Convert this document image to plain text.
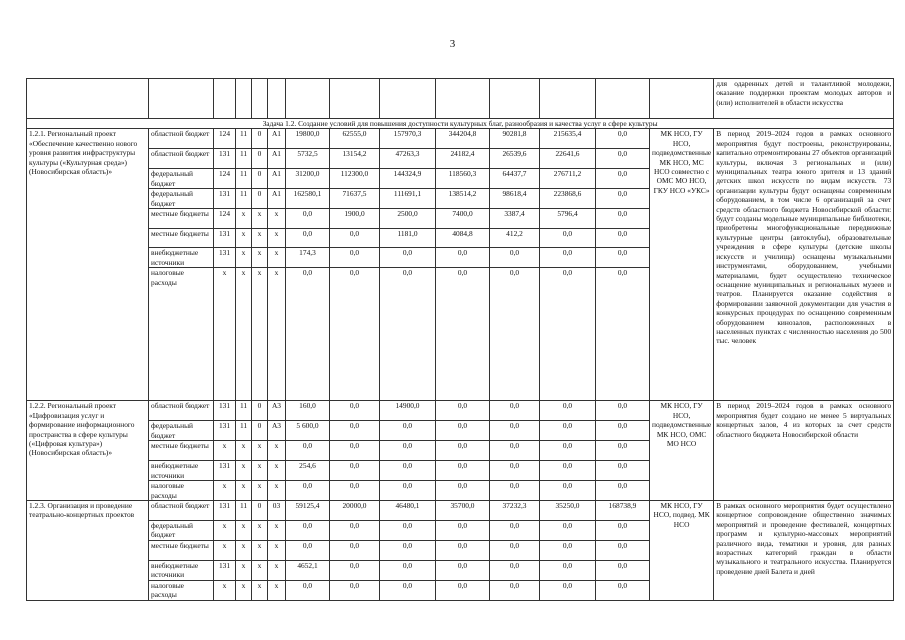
3
														для одаренных детей и талантливой молодежи, оказание поддержки проектам молодых авторов и (или) исполнителей в области искусства
Задача 1.2. Создание условий для повышения доступности культурных благ, разнообразия и качества услуг в сфере культуры														
1.2.1. Региональный проект «Обеспечение качественно нового уровня развития инфраструктуры культуры («Культурная среда») (Новосибирская область)»	областной бюджет	124	11	0	A1	19800,0	62555,0	157970,3	344204,8	90281,8	215635,4	0,0	МК НСО, ГУ НСО, подведомственные МК НСО, МС НСО совместно с ОМС МО НСО, ГКУ НСО «УКС»	В период 2019–2024 годов в рамках основного мероприятия будут построены, реконструированы, капитально отремонтированы 27 объектов организаций культуры, включая 3 региональных и (или) муниципальных театра юного зрителя и 13 зданий детских школ искусств по видам искусств. 73 организации культуры будут оснащены современным оборудованием, в том числе 6 организаций за счет средств областного бюджета Новосибирской области: будут созданы модельные муниципальные библиотеки, приобретены многофункциональные передвижные культурные центры (автоклубы), образовательные учреждения в сфере культуры (детские школы искусств и училища) оснащены музыкальными инструментами, оборудованием, учебными материалами, будет осуществлено техническое оснащение муниципальных и региональных музеев и театров. Планируется оказание содействия в формировании заявочной документации для участия в конкурсных процедурах по оснащению современным оборудованием кинозалов, расположенных в населенных пунктах с численностью населения до 500 тыс. человек
	областной бюджет	131	11	0	A1	5732,5	13154,2	47263,3	24182,4	26539,6	22641,6	0,0		
	федеральный бюджет	124	11	0	A1	31200,0	112300,0	144324,9	118560,3	64437,7	276711,2	0,0		
	федеральный бюджет	131	11	0	A1	162580,1	71637,5	111691,1	138514,2	98618,4	223868,6	0,0		
	местные бюджеты	124	x	x	x	0,0	1900,0	2500,0	7400,0	3387,4	5796,4	0,0		
	местные бюджеты	131	x	x	x	0,0	0,0	1181,0	4084,8	412,2	0,0	0,0		
	внебюджетные источники	131	x	x	x	174,3	0,0	0,0	0,0	0,0	0,0	0,0		
	налоговые расходы	x	x	x	x	0,0	0,0	0,0	0,0	0,0	0,0	0,0		
1.2.2. Региональный проект «Цифровизация услуг и формирование информационного пространства в сфере культуры («Цифровая культура») (Новосибирская область)»	областной бюджет	131	11	0	A3	160,0	0,0	14900,0	0,0	0,0	0,0	0,0	МК НСО, ГУ НСО, подведомственные МК НСО, ОМС МО НСО	В период 2019–2024 годов в рамках основного мероприятия будет создано не менее 5 виртуальных концертных залов, 4 из которых за счет средств областного бюджета Новосибирской области
	федеральный бюджет	131	11	0	A3	5 600,0	0,0	0,0	0,0	0,0	0,0	0,0		
	местные бюджеты	x	x	x	x	0,0	0,0	0,0	0,0	0,0	0,0	0,0		
	внебюджетные источники	131	x	x	x	254,6	0,0	0,0	0,0	0,0	0,0	0,0		
	налоговые расходы	x	x	x	x	0,0	0,0	0,0	0,0	0,0	0,0	0,0		
1.2.3. Организация и проведение театрально-концертных проектов	областной бюджет	131	11	0	03	59125,4	20000,0	46480,1	35700,0	37232,3	35250,0	168738,9	МК НСО, ГУ НСО, подвед. МК НСО	В рамках основного мероприятия будет осуществлено концертное сопровождение общественно значимых мероприятий и проведение фестивалей, концертных программ и культурно-массовых мероприятий различного вида, тематики и уровня, для разных возрастных категорий граждан в области музыкального и театрального искусства. Планируется проведение дней Балета и дней
	федеральный бюджет	x	x	x	x	0,0	0,0	0,0	0,0	0,0	0,0	0,0		
	местные бюджеты	x	x	x	x	0,0	0,0	0,0	0,0	0,0	0,0	0,0		
	внебюджетные источники	131	x	x	x	4652,1	0,0	0,0	0,0	0,0	0,0	0,0		
	налоговые расходы	x	x	x	x	0,0	0,0	0,0	0,0	0,0	0,0	0,0		
